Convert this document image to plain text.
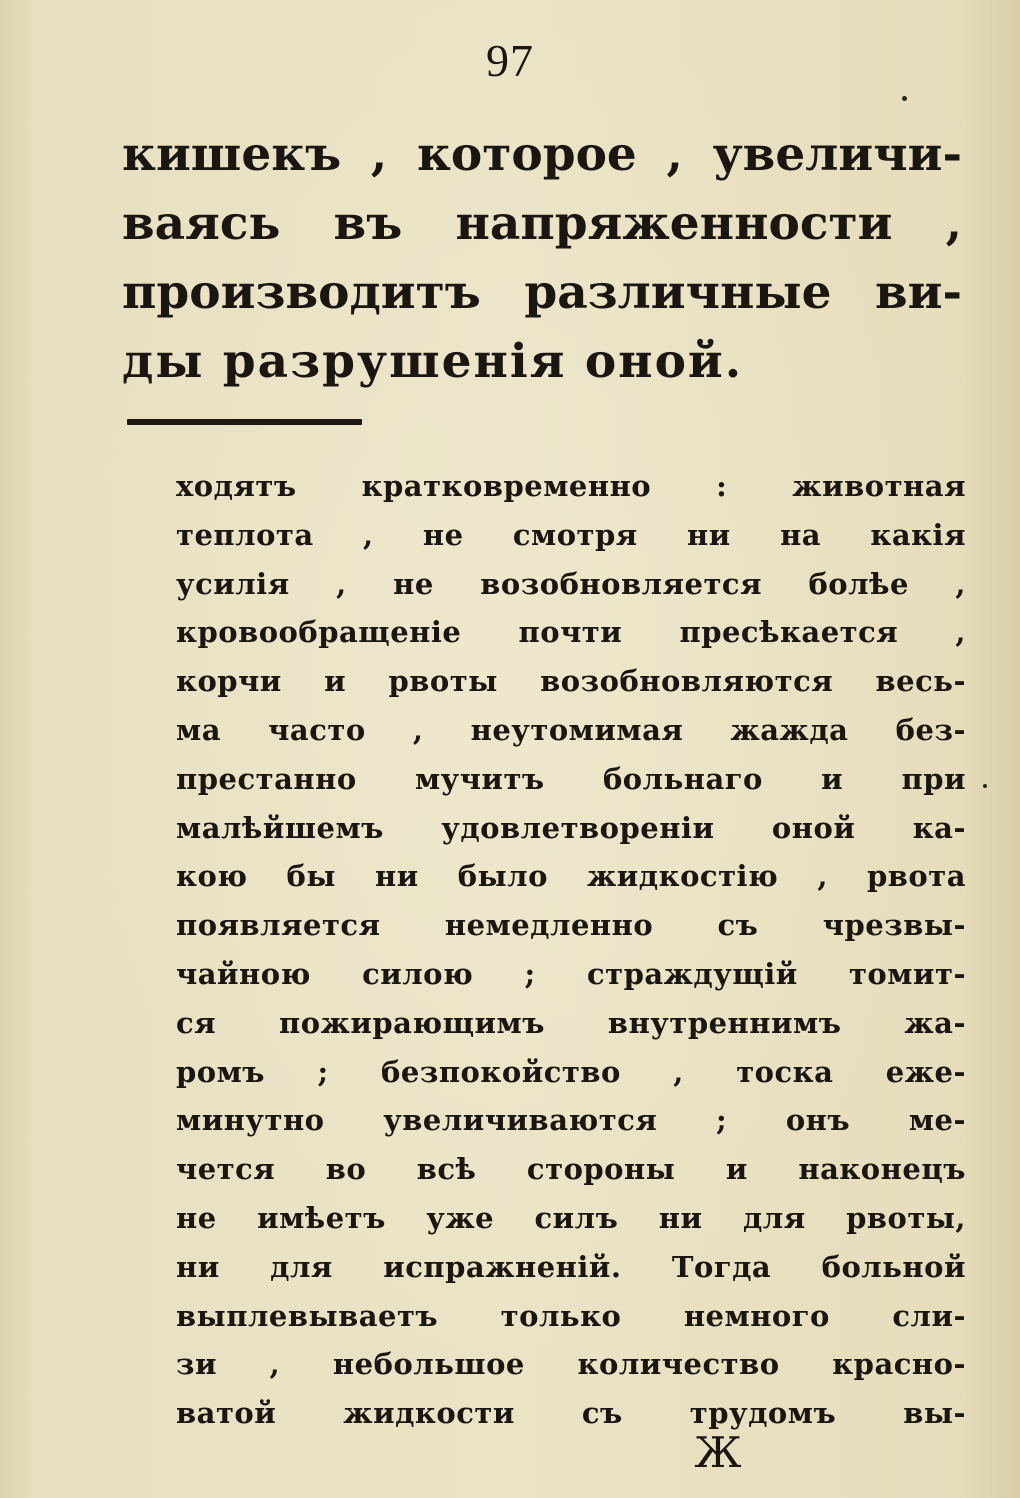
97
кишекъ , которое , увеличи-
ваясь въ напряженности ,
производитъ различные ви-
ды разрушенія оной.
ходятъ кратковременно : животная
теплота , не смотря ни на какія
усилія , не возобновляется болѣе ,
кровообращеніе почти пресѣкается ,
корчи и рвоты возобновляются весь-
ма часто , неутомимая жажда без-
престанно мучитъ больнаго и при
малѣйшемъ удовлетвореніи оной ка-
кою бы ни было жидкостію , рвота
появляется немедленно съ чрезвы-
чайною силою ; страждущій томит-
ся пожирающимъ внутреннимъ жа-
ромъ ; безпокойство , тоска еже-
минутно увеличиваются ; онъ ме-
чется во всѣ стороны и наконецъ
не имѣетъ уже силъ ни для рвоты,
ни для испражненій. Тогда больной
выплевываетъ только немного сли-
зи , небольшое количество красно-
ватой жидкости съ трудомъ вы-
Ж
